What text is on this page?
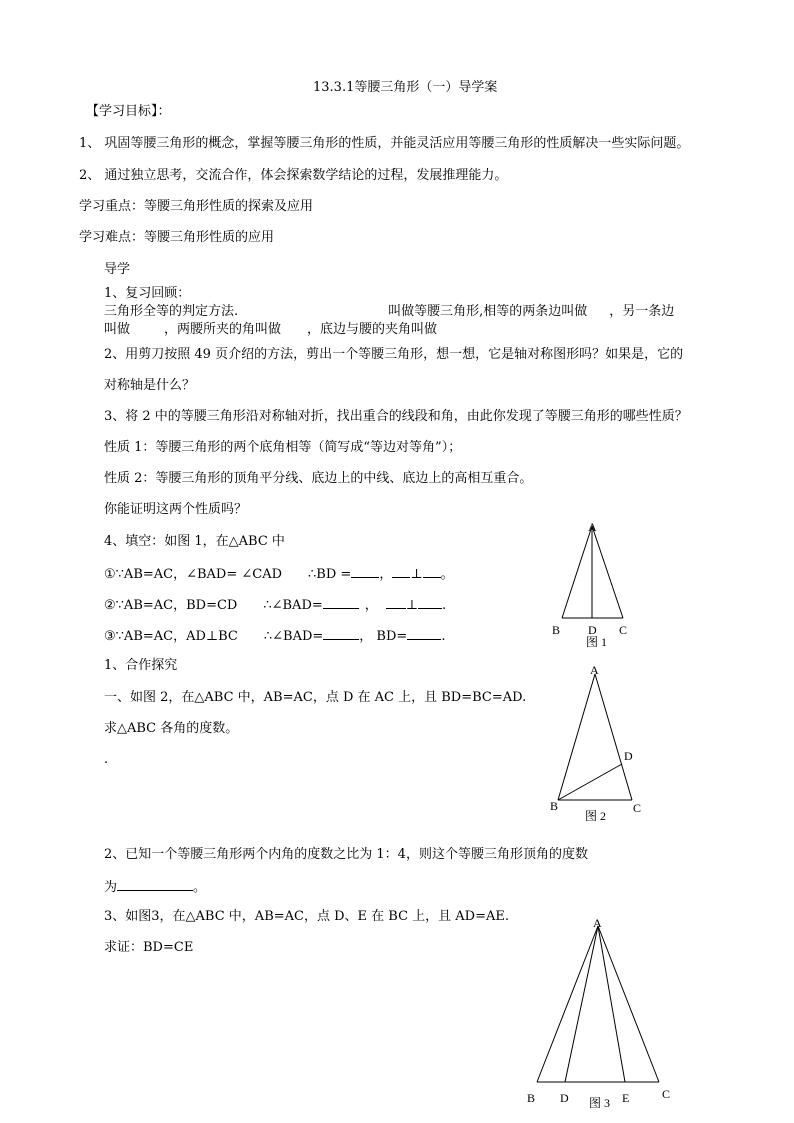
13.3.1等腰三角形（一）导学案
【学习目标】：
1、 巩固等腰三角形的概念，掌握等腰三角形的性质，并能灵活应用等腰三角形的性质解决一些实际问题。
2、 通过独立思考，交流合作，体会探索数学结论的过程，发展推理能力。
学习重点：等腰三角形性质的探索及应用
学习难点：等腰三角形性质的应用
导学
1、复习回顾：
三角形全等的判定方法.	叫做等腰三角形,相等的两条边叫做 ，另一条边
叫做	，两腰所夹的角叫做 ，底边与腰的夹角叫做
2、用剪刀按照 49 页介绍的方法，剪出一个等腰三角形，想一想，它是轴对称图形吗？如果是，它的
对称轴是什么？
3、将 2 中的等腰三角形沿对称轴对折，找出重合的线段和角，由此你发现了等腰三角形的哪些性质？
性质 1：等腰三角形的两个底角相等（简写成“等边对等角”）；
性质 2：等腰三角形的顶角平分线、底边上的中线、底边上的高相互重合。
你能证明这两个性质吗？
4、填空：如图 1，在△ABC 中
①∵AB=AC，∠BAD= ∠CAD ∴BD = ， ⊥ 。
②∵AB=AC，BD=CD ∴∠BAD=	， ⊥ .
③∵AB=AC，AD⊥BC ∴∠BAD=	， BD=	.
1、合作探究
一、如图 2，在△ABC 中，AB=AC，点 D 在 AC 上，且 BD=BC=AD.
求△ABC 各角的度数。
.
2、已知一个等腰三角形两个内角的度数之比为 1：4，则这个等腰三角形顶角的度数
为	。
3、如图3，在△ABC 中，AB=AC，点 D、E 在 BC 上，且 AD=AE.
求证：BD=CE
A
B D C
图 1
A
D
B	C
图 2
A
B D 图 3 E	C
